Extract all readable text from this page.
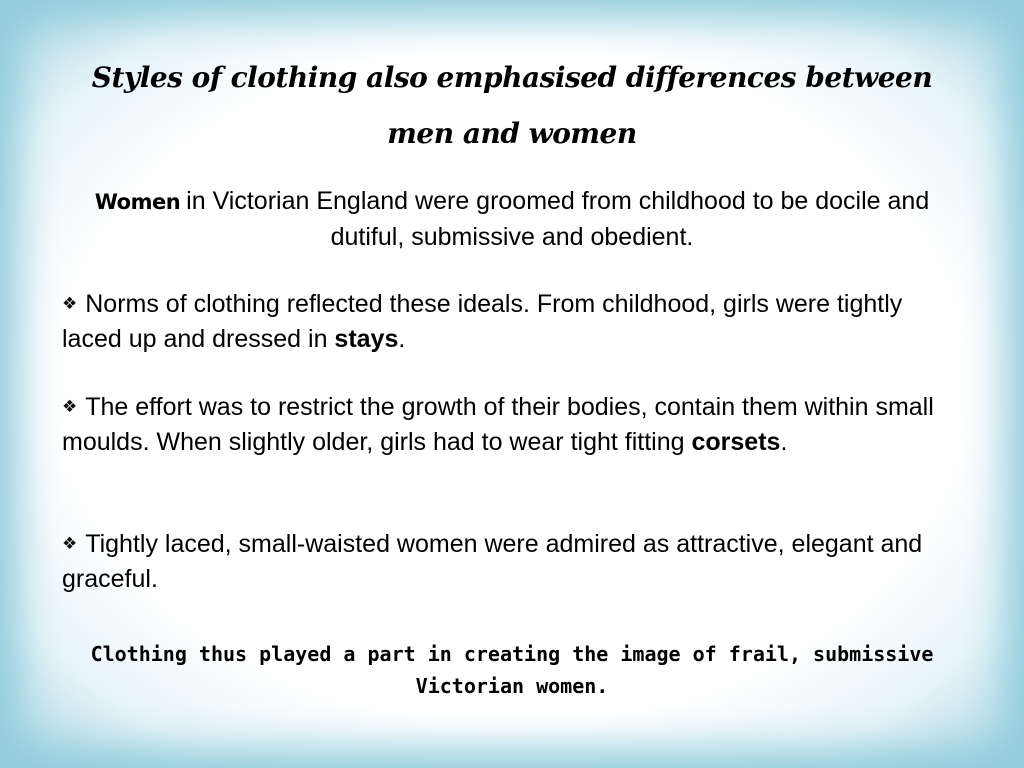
Styles of clothing also emphasised differences between men and women

Women in Victorian England were groomed from childhood to be docile and dutiful, submissive and obedient.

❖ Norms of clothing reflected these ideals. From childhood, girls were tightly laced up and dressed in stays.

❖ The effort was to restrict the growth of their bodies, contain them within small moulds. When slightly older, girls had to wear tight fitting corsets.

❖ Tightly laced, small-waisted women were admired as attractive, elegant and graceful.

Clothing thus played a part in creating the image of frail, submissive Victorian women.
